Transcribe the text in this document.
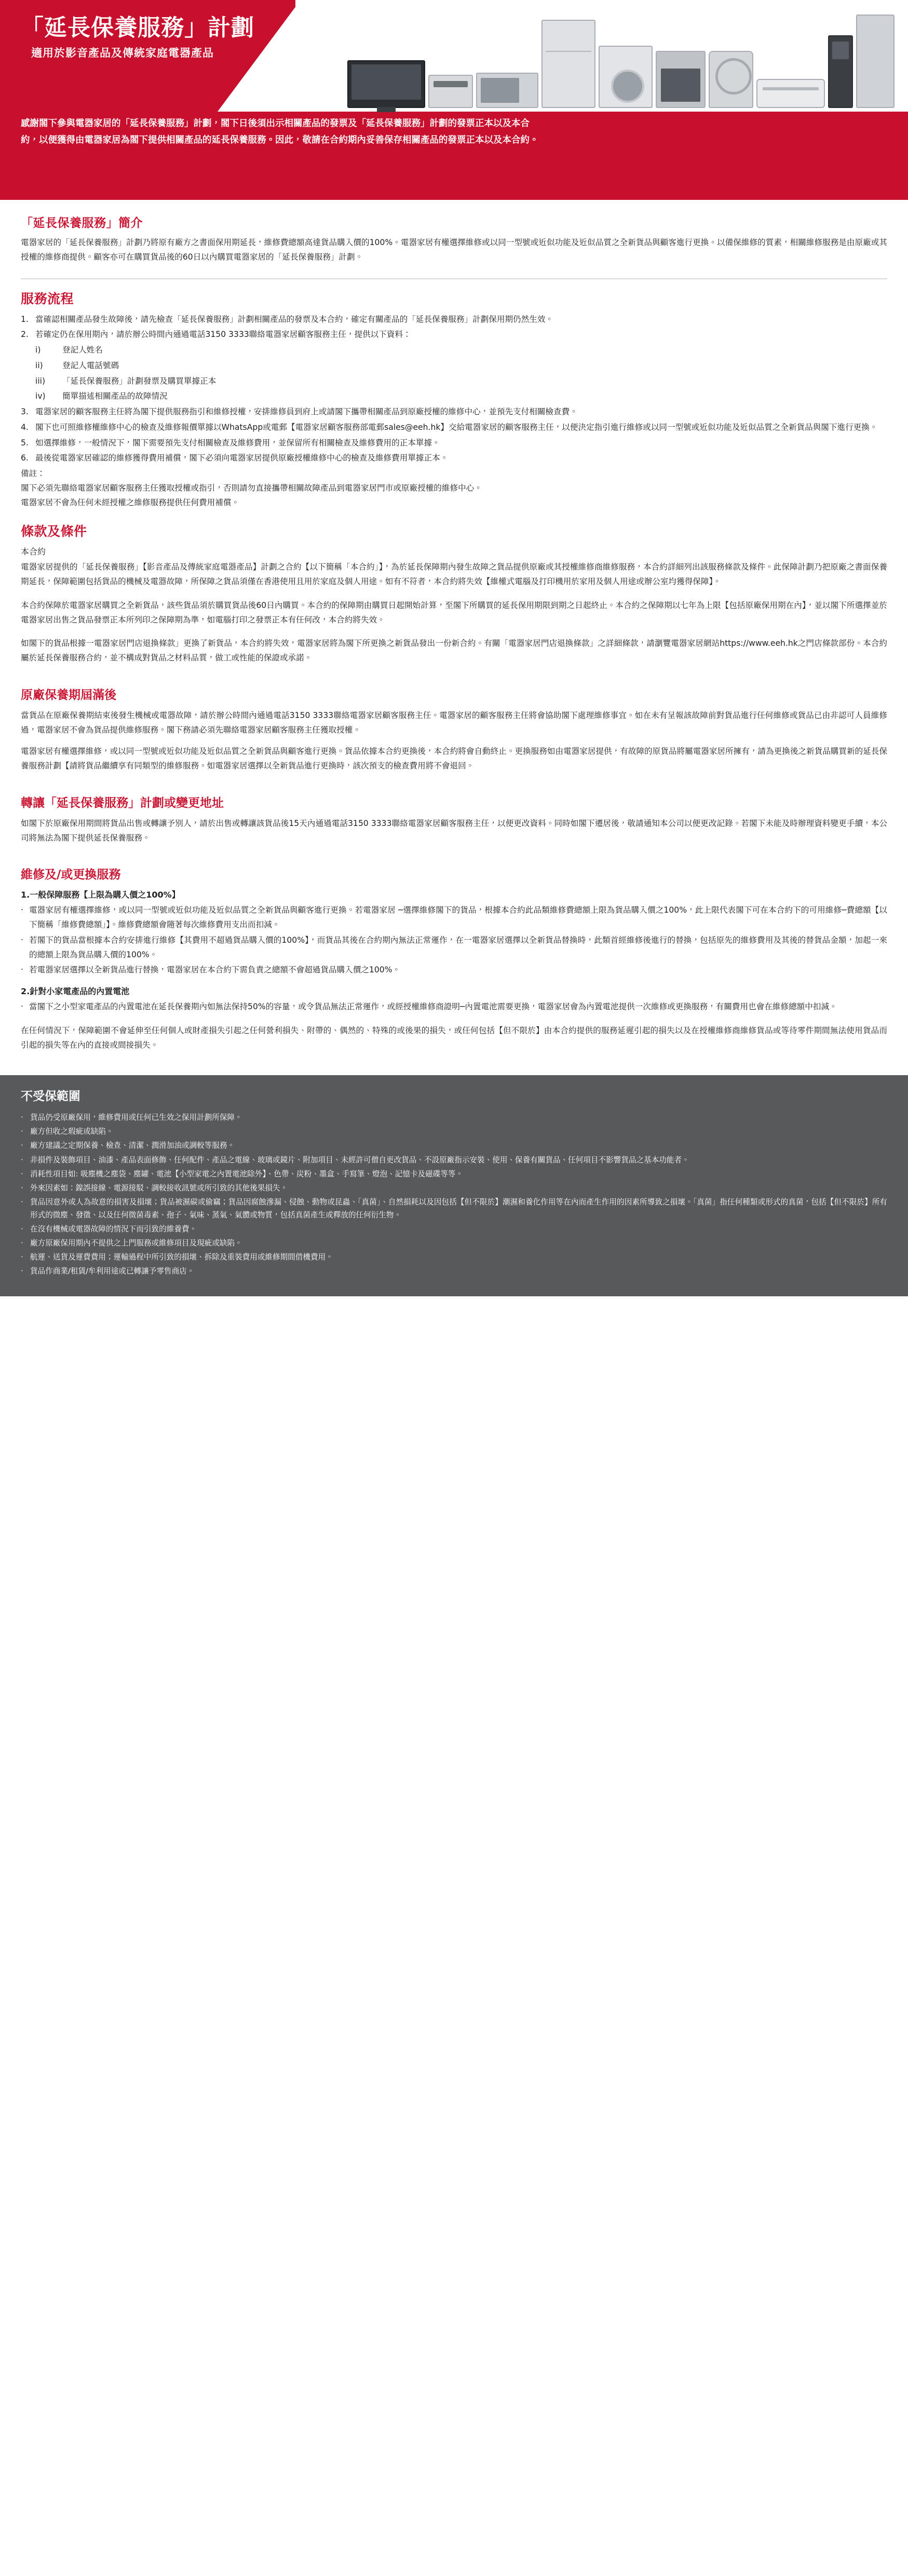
「延長保養服務」計劃
適用於影音產品及傳統家庭電器產品
感謝閣下參與電器家居的「延長保養服務」計劃，閣下日後須出示相關產品的發票及「延長保養服務」計劃的發票正本以及本合約，以便獲得由電器家居為閣下提供相關產品的延長保養服務。因此，敬請在合約期內妥善保存相關產品的發票正本以及本合約。
「延長保養服務」簡介

電器家居的「延長保養服務」計劃乃將原有廠方之書面保用期延長，維修費總額高達貨品購入價的100%。電器家居有權選擇維修或以同一型號或近似功能及近似品質之全新貨品與顧客進行更換。以備保維修的質素，相關維修服務是由原廠或其授權的維修商提供。顧客亦可在購買貨品後的60日以內購買電器家居的「延長保養服務」計劃。

服務流程
1. 當確認相關產品發生故障後，請先檢查「延長保養服務」計劃相關產品的發票及本合約，確定有關產品的「延長保養服務」計劃保用期仍然生效。
2. 若確定仍在保用期內，請於辦公時間內通過電話3150 3333聯絡電器家居顧客服務主任，提供以下資料：
i)	登記人姓名
ii)	登記人電話號碼
iii)	「延長保養服務」計劃發票及購買單據正本
iv)	簡單描述相關產品的故障情況
3. 電器家居的顧客服務主任將為閣下提供服務指引和維修授權，安排維修員到府上或請閣下攜帶相關產品到原廠授權的維修中心，並預先支付相關檢查費。
4. 閣下也可照維修權維修中心的檢查及維修報價單據以WhatsApp或電郵【電器家居顧客服務部電郵sales@eeh.hk】交給電器家居的顧客服務主任，以便決定指引進行維修或以同一型號或近似功能及近似品質之全新貨品與閣下進行更換。
5. 如選擇維修，一般情況下，閣下需要預先支付相關檢查及維修費用，並保留所有相關檢查及維修費用的正本單據。
6. 最後從電器家居確認的維修獲得費用補償，閣下必須向電器家居提供原廠授權維修中心的檢查及維修費用單據正本。
備註：
閣下必須先聯絡電器家居顧客服務主任獲取授權或指引，否則請勿直接攜帶相關故障產品到電器家居門市或原廠授權的維修中心。
電器家居不會為任何未經授權之維修服務提供任何費用補償。
條款及條件
本合約

電器家居提供的「延長保養服務」【影音產品及傳統家庭電器產品】計劃之合約【以下簡稱「本合約」】，為於延長保障期內發生故障之貨品提供原廠或其授權維修商維修服務，本合約詳細列出該服務條款及條件。此保障計劃乃把原廠之書面保養期延長，保障範圍包括貨品的機械及電器故障，所保障之貨品須僅在香港使用且用於家庭及個人用途。如有不符者，本合約將失效【維權式電腦及打印機用於家用及個人用途或辦公室均獲得保障】。

本合約保障於電器家居購買之全新貨品，該些貨品須於購買貨品後60日內購買。本合約的保障期由購買日起開始計算，至閣下所購買的延長保用期限到期之日起終止。本合約之保障期以七年為上限【包括原廠保用期在內】，並以閣下所選擇並於電器家居出售之貨品發票正本所列印之保障期為準，如電腦打印之發票正本有任何改，本合約將失效。

如閣下的貨品根據一電器家居門店退換條款」更換了新貨品，本合約將失效，電器家居將為閣下所更換之新貨品發出一份新合約。有關「電器家居門店退換條款」之詳細條款，請瀏覽電器家居網站https://www.eeh.hk之門店條款部份。本合約屬於延長保養服務合約，並不構成對貨品之材料品質，做工或性能的保證或承諾。

原廠保養期屆滿後

當貨品在原廠保養期結束後發生機械或電器故障，請於辦公時間內通過電話3150 3333聯絡電器家居顧客服務主任。電器家居的顧客服務主任將會協助閣下處理維修事宜。如在未有呈報該故障前對貨品進行任何維修或貨品已由非認可人員維修過，電器家居不會為貨品提供維修服務。閣下務請必須先聯絡電器家居顧客服務主任獲取授權。

電器家居有權選擇維修，或以同一型號或近似功能及近似品質之全新貨品與顧客進行更換。貨品依據本合約更換後，本合約將會自動終止。更換服務如由電器家居提供，有故障的原貨品將屬電器家居所擁有，請為更換後之新貨品購買新的延長保養服務計劃【請將貨品繼續享有同類型的維修服務。如電器家居選擇以全新貨品進行更換時，該次預支的檢查費用將不會退回。

轉讓「延長保養服務」計劃或變更地址

如閣下於原廠保用期間將貨品出售或轉讓予別人，請於出售或轉讓該貨品後15天內通過電話3150 3333聯絡電器家居顧客服務主任，以便更改資料。同時如閣下遷居後，敬請通知本公司以便更改記錄。若閣下未能及時辦理資料變更手續，本公司將無法為閣下提供延長保養服務。

維修及/或更換服務
1.一般保障服務【上限為購入價之100%】
‧ 電器家居有權選擇維修，或以同一型號或近似功能及近似品質之全新貨品與顧客進行更換。若電器家居 ─選擇維修閣下的貨品，根據本合約此品類維修費總額上限為貨品購入價之100%，此上限代表閣下可在本合約下的可用維修─費總額【以下簡稱「維修費總額」】。維修費總額會隨著每次維修費用支出而扣減。
‧ 若閣下的貨品當根據本合約安排進行維修【其費用不超過貨品購入價的100%】，而貨品其後在合約期內無法正常運作，在一電器家居選擇以全新貨品替換時，此類首經維修後進行的替換，包括原先的維修費用及其後的替貨品金額，加起一來的總額上限為貨品購入價的100%。
‧ 若電器家居選擇以全新貨品進行替換，電器家居在本合約下需負責之總額不會超過貨品購入價之100%。
2.針對小家電產品的內置電池
‧ 當閣下之小型家電產品的內置電池在延長保養期內如無法保持50%的容量，或令貨品無法正常運作，或經授權維修商證明─內置電池需要更換，電器家居會為內置電池提供一次維修或更換服務，有關費用也會在維修總額中扣減。

在任何情況下，保障範圍不會延伸至任何個人或財產損失引起之任何營利損失、附帶的、偶然的、特殊的或後果的損失，或任何包括【但不限於】由本合約提供的服務延遲引起的損失以及在授權維修商維修貨品或等待零件期間無法使用貨品而 引起的損失等在內的直接或間接損失。

不受保範圍
‧ 貨品仍受原廠保用，維修費用或任何已生效之保用計劃所保障。
‧ 廠方但收之瑕疵或缺陷。
‧ 廠方建議之定期保養、檢查、清潔、潤滑加油或調較等服務。
‧ 非損件及裝飾項目、油漆、產品表面修飾、任何配件、產品之電線、玻璃或鏡片、附加項目、未經許可僧自更改貨品、不設原廠指示安裝、使用、保養有關貨品、任何項目不影響貨品之基本功能者。
‧ 消耗性項目如: 吸塵機之塵袋、塵罐、電池【小型家電之內置電池除外】、色帶、炭粉、墨盒、手寫筆、燈泡、記憶卡及磁碟等等。
‧ 外來因素如：鎳誤接線、電源接駁、調較接收訊號或所引致的其他後果損失。
‧ 貨品因意外或人為故意的損害及損壞；貨品被濕碳或偷竊；貨品因腐蝕滲漏、侵蝕、動物或昆蟲、「真菌」、自然損耗以及因包括【但不限於】潮濕和養化作用等在內而產生作用的因素所導致之損壞。「真菌」指任何種類或形式的真菌，包括【但不限於】所有形式的微塵、發徵、以及任何微菌毒素、孢子、氣味、蒸氣、氣體或物質，包括真菌產生或釋放的任何衍生物。
‧ 在沒有機械或電器故障的情況下而引致的維養費。
‧ 廠方原廠保用期內不提供之上門服務或維修項目及現疵或缺陷。
‧ 航運、送貨及運費費用；運輸過程中所引致的損壞、拆除及重裝費用或維修期間借機費用。
‧ 貨品作商業/租賃/牟利用途或已轉讓予零售商店。
